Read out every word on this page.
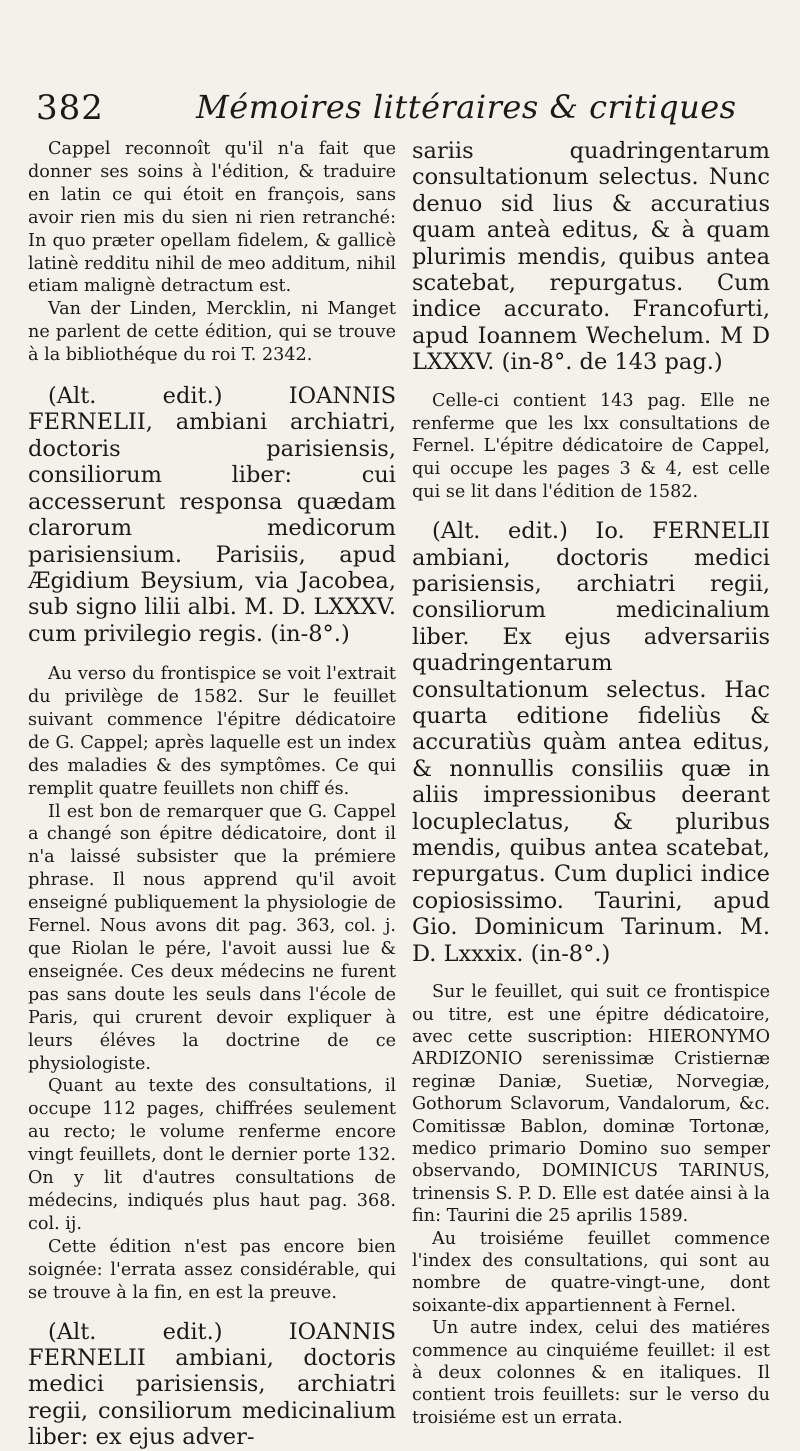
382	Mémoires littéraires & critiques

Cappel reconnoît qu'il n'a fait que donner ses soins à l'édition, & traduire en latin ce qui étoit en françois, sans avoir rien mis du sien ni rien retranché: In quo præter opellam fidelem, & gallicè latinè redditu nihil de meo additum, nihil etiam malignè detractum est.

Van der Linden, Mercklin, ni Manget ne parlent de cette édition, qui se trouve à la bibliothéque du roi T. 2342.

(Alt. edit.) IOANNIS FERNELII, ambiani archiatri, doctoris parisiensis, consiliorum liber: cui accesserunt responsa quædam clarorum medicorum parisiensium. Parisiis, apud Ægidium Beysium, via Jacobea, sub signo lilii albi. M. D. LXXXV. cum privilegio regis. (in-8°.)

Au verso du frontispice se voit l'extrait du privilège de 1582. Sur le feuillet suivant commence l'épitre dédicatoire de G. Cappel; après laquelle est un index des maladies & des symptômes. Ce qui remplit quatre feuillets non chiff és.

Il est bon de remarquer que G. Cappel a changé son épitre dédicatoire, dont il n'a laissé subsister que la prémiere phrase. Il nous apprend qu'il avoit enseigné publiquement la physiologie de Fernel. Nous avons dit pag. 363, col. j. que Riolan le pére, l'avoit aussi lue & enseignée. Ces deux médecins ne furent pas sans doute les seuls dans l'école de Paris, qui crurent devoir expliquer à leurs éléves la doctrine de ce physiologiste.

Quant au texte des consultations, il occupe 112 pages, chiffrées seulement au recto; le volume renferme encore vingt feuillets, dont le dernier porte 132. On y lit d'autres consultations de médecins, indiqués plus haut pag. 368. col. ij.

Cette édition n'est pas encore bien soignée: l'errata assez considérable, qui se trouve à la fin, en est la preuve.

(Alt. edit.) IOANNIS FERNELII ambiani, doctoris medici parisiensis, archiatri regii, consiliorum medicinalium liber: ex ejus adver-

sariis quadringentarum consultationum selectus. Nunc denuo sid lius & accuratius quam anteà editus, & à quam plurimis mendis, quibus antea scatebat, repurgatus. Cum indice accurato. Francofurti, apud Ioannem Wechelum. M D LXXXV. (in-8°. de 143 pag.)

Celle-ci contient 143 pag. Elle ne renferme que les lxx consultations de Fernel. L'épitre dédicatoire de Cappel, qui occupe les pages 3 & 4, est celle qui se lit dans l'édition de 1582.

(Alt. edit.) Io. FERNELII ambiani, doctoris medici parisiensis, archiatri regii, consiliorum medicinalium liber. Ex ejus adversariis quadringentarum consultationum selectus. Hac quarta editione fideliùs & accuratiùs quàm antea editus, & nonnullis consiliis quæ in aliis impressionibus deerant locupleclatus, & pluribus mendis, quibus antea scatebat, repurgatus. Cum duplici indice copiosissimo. Taurini, apud Gio. Dominicum Tarinum. M. D. Lxxxix. (in-8°.)

Sur le feuillet, qui suit ce frontispice ou titre, est une épitre dédicatoire, avec cette suscription: HIERONYMO ARDIZONIO serenissimæ Cristiernæ reginæ Daniæ, Suetiæ, Norvegiæ, Gothorum Sclavorum, Vandalorum, &c. Comitissæ Bablon, dominæ Tortonæ, medico primario Domino suo semper observando, DOMINICUS TARINUS, trinensis S. P. D. Elle est datée ainsi à la fin: Taurini die 25 aprilis 1589.

Au troisiéme feuillet commence l'index des consultations, qui sont au nombre de quatre-vingt-une, dont soixante-dix appartiennent à Fernel.

Un autre index, celui des matiéres commence au cinquiéme feuillet: il est à deux colonnes & en italiques. Il contient trois feuillets: sur le verso du troisiéme est un errata.
